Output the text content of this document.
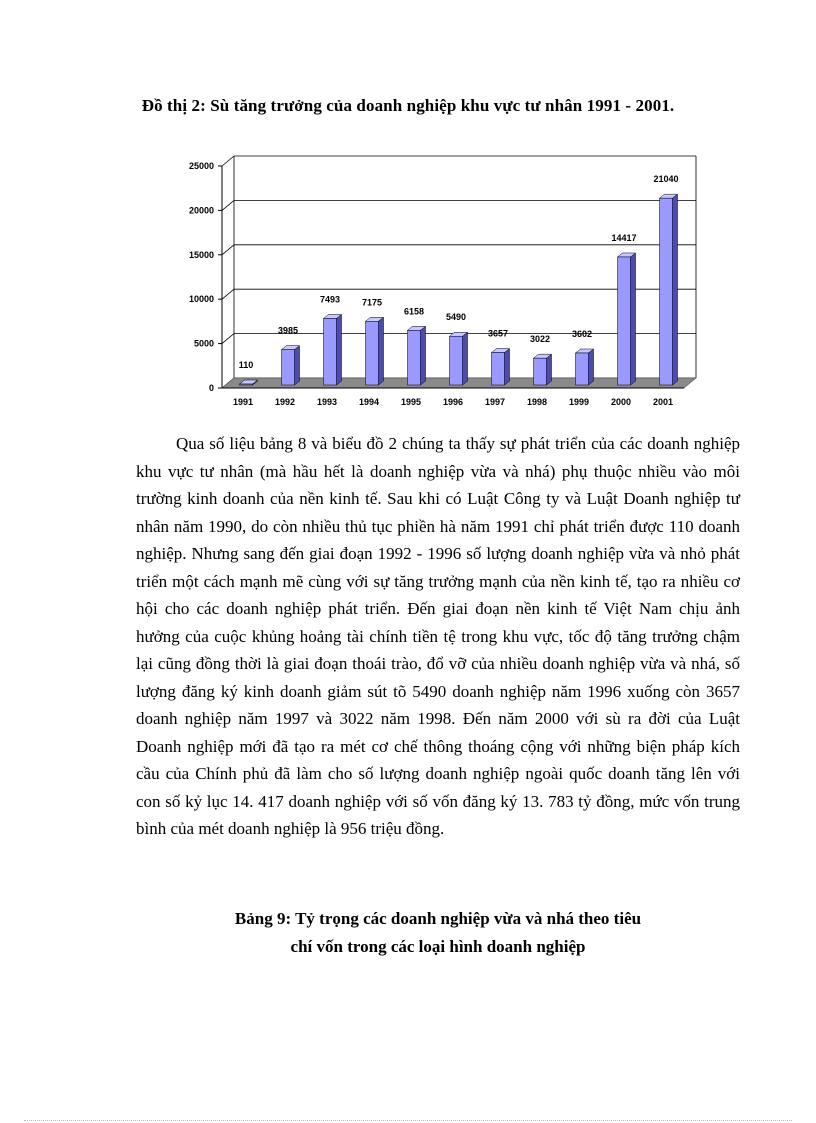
Đồ thị 2: Sù tăng trưởng của doanh nghiệp khu vực tư nhân 1991 - 2001.
0
5000
10000
15000
20000
25000
110
1991
3985
1992
7493
1993
7175
1994
6158
1995
5490
1996
3657
1997
3022
1998
3602
1999
14417
2000
21040
2001

Qua số liệu bảng 8 và biểu đồ 2 chúng ta thấy sự phát triển của các doanh nghiệp khu vực tư nhân (mà hầu hết là doanh nghiệp vừa và nhá) phụ thuộc nhiều vào môi trường kinh doanh của nền kinh tế. Sau khi có Luật Công ty và Luật Doanh nghiệp tư nhân năm 1990, do còn nhiều thủ tục phiền hà năm 1991 chỉ phát triển được 110 doanh nghiệp. Nhưng sang đến giai đoạn 1992 - 1996 số lượng doanh nghiệp vừa và nhỏ phát triển một cách mạnh mẽ cùng với sự tăng trưởng mạnh của nền kinh tế, tạo ra nhiều cơ hội cho các doanh nghiệp phát triển. Đến giai đoạn nền kinh tế Việt Nam chịu ảnh hưởng của cuộc khủng hoảng tài chính tiền tệ trong khu vực, tốc độ tăng trưởng chậm lại cũng đồng thời là giai đoạn thoái trào, đổ vỡ của nhiều doanh nghiệp vừa và nhá, số lượng đăng ký kinh doanh giảm sút tõ 5490 doanh nghiệp năm 1996 xuống còn 3657 doanh nghiệp năm 1997 và 3022 năm 1998. Đến năm 2000 với sù ra đời của Luật Doanh nghiệp mới đã tạo ra mét cơ chế thông thoáng cộng với những biện pháp kích cầu của Chính phủ đã làm cho số lượng doanh nghiệp ngoài quốc doanh tăng lên với con số kỷ lục 14. 417 doanh nghiệp với số vốn đăng ký 13. 783 tỷ đồng, mức vốn trung bình của mét doanh nghiệp là 956 triệu đồng.

Bảng 9: Tỷ trọng các doanh nghiệp vừa và nhá theo tiêu
chí vốn trong các loại hình doanh nghiệp
